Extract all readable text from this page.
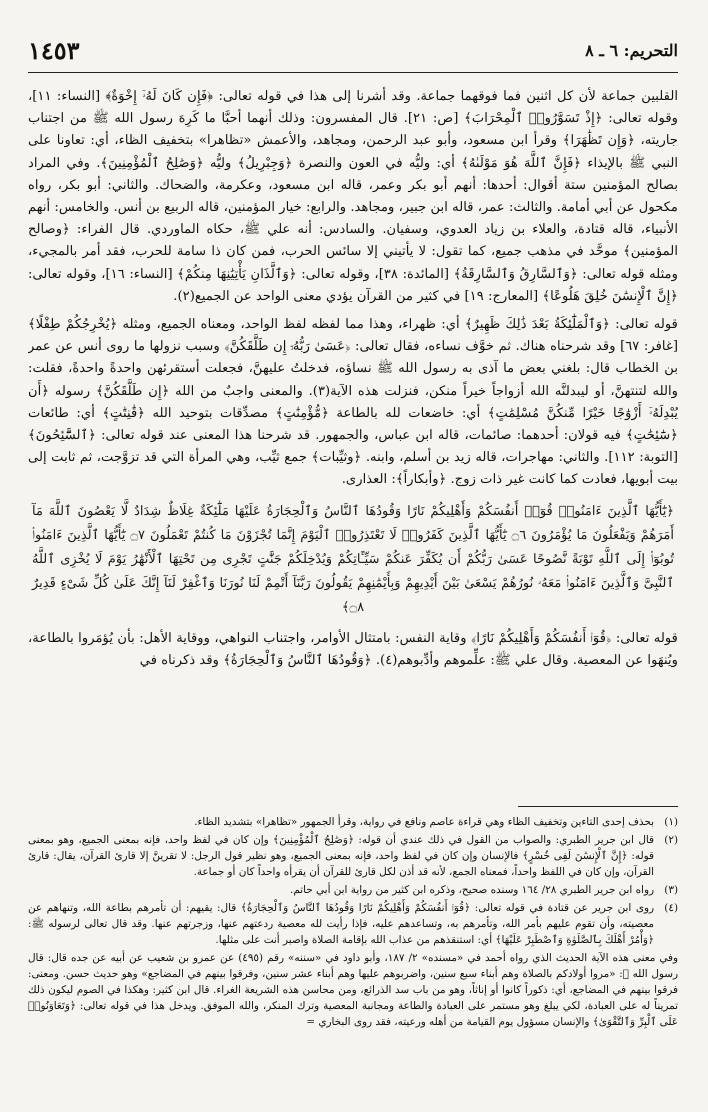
التحريم: ٦ ـ ٨
١٤٥٣

القلبين جماعة لأن كل اثنين فما فوقهما جماعة. وقد أشرنا إلى هذا في قوله تعالى: ﴿فَإِن كَانَ لَهُۥٓ إِخْوَةٌ﴾ [النساء: ١١]، وقوله تعالى: ﴿إِذْ تَسَوَّرُوا۟ ٱلْمِحْرَابَ﴾ [ص: ٢١]. قال المفسرون: وذلك أنهما أحبَّا ما كَرِهَ رسول الله ﷺ من اجتناب جاريته، ﴿وَإِن تَظَٰهَرَا﴾ وقرأ ابن مسعود، وأبو عبد الرحمن، ومجاهد، والأعمش «تظاهرا» بتخفيف الظاء، أي: تعاونا على النبي ﷺ بالإيذاء ﴿فَإِنَّ ٱللَّهَ هُوَ مَوْلَىٰهُ﴾ أي: وليُّه في العون والنصرة ﴿وَجِبْرِيلُ﴾ وليُّه ﴿وَصَٰلِحُ ٱلْمُؤْمِنِينَ﴾. وفي المراد بصالح المؤمنين ستة أقوال: أحدها: أنهم أبو بكر وعمر، قاله ابن مسعود، وعكرمة، والضحاك. والثاني: أبو بكر، رواه مكحول عن أبي أمامة. والثالث: عمر، قاله ابن جبير، ومجاهد. والرابع: خيار المؤمنين، قاله الربيع بن أنس. والخامس: أنهم الأنبياء، قاله قتادة، والعلاء بن زياد العدوي، وسفيان. والسادس: أنه علي ﷺ، حكاه الماوردي. قال الفراء: ﴿وصالح المؤمنين﴾ موحَّد في مذهب جميع، كما تقول: لا يأتيني إلا سائس الحرب، فمن كان ذا سامة للحرب، فقد أمر بالمجيء، ومثله قوله تعالى: ﴿وَٱلسَّارِقُ وَٱلسَّارِقَةُ﴾ [المائدة: ٣٨]، وقوله تعالى: ﴿وَٱلَّذَانِ يَأْتِيَٰنِهَا مِنكُمْ﴾ [النساء: ١٦]، وقوله تعالى: ﴿إِنَّ ٱلْإِنسَٰنَ خُلِقَ هَلُوعًا﴾ [المعارج: ١٩] في كثير من القرآن يؤدي معنى الواحد عن الجميع(٢).

قوله تعالى: ﴿وَٱلْمَلَٰٓئِكَةُ بَعْدَ ذَٰلِكَ ظَهِيرٌ﴾ أي: ظهراء، وهذا مما لفظه لفظ الواحد، ومعناه الجميع، ومثله ﴿يُخْرِجُكُمْ طِفْلًا﴾ [غافر: ٦٧] وقد شرحناه هناك. ثم خوَّف نساءه، فقال تعالى: ﴿عَسَىٰ رَبُّهُۥٓ إِن طَلَّقَكُنَّ﴾ وسبب نزولها ما روى أنس عن عمر بن الخطاب قال: بلغني بعض ما آذى به رسول الله ﷺ نساؤه، فدخلتُ عليهنَّ، فجعلت أستقرئهن واحدةً واحدةً، فقلت: والله لتنتهنَّ، أو ليبدلنَّه الله أزواجاً خيراً منكن، فنزلت هذه الآية(٣). والمعنى واجبٌ من الله ﴿إِن طَلَّقَكُنَّ﴾ رسوله ﴿أَن يُبْدِلَهُۥٓ أَزْوَٰجًا خَيْرًا مِّنكُنَّ مُسْلِمَٰتٍ﴾ أي: خاضعات لله بالطاعة ﴿مُّؤْمِنَٰتٍ﴾ مصدِّقات بتوحيد الله ﴿قَٰنِتَٰتٍ﴾ أي: طائعات ﴿سَٰٓئِحَٰتٍ﴾ فيه قولان: أحدهما: صائمات، قاله ابن عباس، والجمهور. قد شرحنا هذا المعنى عند قوله تعالى: ﴿ٱلسَّٰٓئِحُونَ﴾ [التوبة: ١١٢]. والثاني: مهاجرات، قاله زيد بن أسلم، وابنه. ﴿وثيِّبات﴾ جمع ثيِّب، وهي المرأة التي قد تزوَّجت، ثم ثابت إلى بيت أبويها، فعادت كما كانت غير ذات زوج. ﴿وأبكاراً﴾: العذارى.

﴿يَٰٓأَيُّهَا ٱلَّذِينَ ءَامَنُوا۟ قُوٓا۟ أَنفُسَكُمْ وَأَهْلِيكُمْ نَارًا وَقُودُهَا ٱلنَّاسُ وَٱلْحِجَارَةُ عَلَيْهَا مَلَٰٓئِكَةٌ غِلَاظٌ شِدَادٌ لَّا يَعْصُونَ ٱللَّهَ مَآ أَمَرَهُمْ وَيَفْعَلُونَ مَا يُؤْمَرُونَ ۝٦ يَٰٓأَيُّهَا ٱلَّذِينَ كَفَرُوا۟ لَا تَعْتَذِرُوا۟ ٱلْيَوْمَ إِنَّمَا تُجْزَوْنَ مَا كُنتُمْ تَعْمَلُونَ ۝٧ يَٰٓأَيُّهَا ٱلَّذِينَ ءَامَنُوا۟ تُوبُوٓا۟ إِلَى ٱللَّهِ تَوْبَةً نَّصُوحًا عَسَىٰ رَبُّكُمْ أَن يُكَفِّرَ عَنكُمْ سَيِّـَٔاتِكُمْ وَيُدْخِلَكُمْ جَنَّٰتٍ تَجْرِى مِن تَحْتِهَا ٱلْأَنْهَٰرُ يَوْمَ لَا يُخْزِى ٱللَّهُ ٱلنَّبِىَّ وَٱلَّذِينَ ءَامَنُوا۟ مَعَهُۥ نُورُهُمْ يَسْعَىٰ بَيْنَ أَيْدِيهِمْ وَبِأَيْمَٰنِهِمْ يَقُولُونَ رَبَّنَآ أَتْمِمْ لَنَا نُورَنَا وَٱغْفِرْ لَنَآ إِنَّكَ عَلَىٰ كُلِّ شَىْءٍ قَدِيرٌ ۝٨﴾

قوله تعالى: ﴿قُوٓا۟ أَنفُسَكُمْ وَأَهْلِيكُمْ نَارًا﴾ وقاية النفس: بامتثال الأوامر، واجتناب النواهي، ووقاية الأهل: بأن يُؤمَروا بالطاعة، ويُنهَوا عن المعصية. وقال علي ﷺ: علِّموهم وأدِّبوهم(٤). ﴿وَقُودُهَا ٱلنَّاسُ وَٱلْحِجَارَةُ﴾ وقد ذكرناه في

(١)
بحذف إحدى التاءين وتخفيف الظاء وهي قراءة عاصم ونافع في رواية، وقرأ الجمهور «تظاهرا» بتشديد الظاء.
(٢)
قال ابن جرير الطبري: والصواب من القول في ذلك عندي أن قوله: ﴿وَصَٰلِحُ ٱلْمُؤْمِنِينَ﴾ وإن كان في لفظ واحد، فإنه بمعنى الجميع، وهو بمعنى قوله: ﴿إِنَّ ٱلْإِنسَٰنَ لَفِى خُسْرٍ﴾ فالإنسان وإن كان في لفظ واحد، فإنه بمعنى الجميع، وهو نظير قول الرجل: لا تقرينَّ إلا قارئ القرآن، يقال: قارئ القرآن، وإن كان في اللفظ واحداً، فمعناه الجمع، لأنه قد أذن لكل قارئ للقرآن أن يقرأه واحداً كان أو جماعة.
(٣)
رواه ابن جرير الطبري ٢٨/ ١٦٤ وسنده صحيح، وذكره ابن كثير من رواية ابن أبي حاتم.
(٤)
روى ابن جرير عن قتادة في قوله تعالى: ﴿قُوٓا۟ أَنفُسَكُمْ وَأَهْلِيكُمْ نَارًا وَقُودُهَا ٱلنَّاسُ وَٱلْحِجَارَةُ﴾ قال: يقيهم: أن تأمرهم بطاعة الله، وتنهاهم عن معصيته، وأن تقوم عليهم بأمر الله، وتأمرهم به، وتساعدهم عليه، فإذا رأيت لله معصية ردعتهم عنها، وزجرتهم عنها. وقد قال تعالى لرسوله ﷺ: ﴿وَأْمُرْ أَهْلَكَ بِٱلصَّلَوٰةِ وَٱصْطَبِرْ عَلَيْهَا﴾ أي: استنقذهم من عذاب الله بإقامة الصلاة واصبر أنت على مثلها.

وفي معنى هذه الآية الحديث الذي رواه أحمد في «مسنده» ٢/ ١٨٧، وأبو داود في «سننه» رقم (٤٩٥) عن عمرو بن شعيب عن أبيه عن جده قال: قال رسول الله ﷺ: «مروا أولادكم بالصلاة وهم أبناء سبع سنين، واضربوهم عليها وهم أبناء عشر سنين، وفرقوا بينهم في المضاجع» وهو حديث حسن. ومعنى: فرقوا بينهم في المضاجع، أي: ذكوراً كانوا أو إناثاً، وهو من باب سد الذرائع، ومن محاسن هذه الشريعة الغراء. قال ابن كثير: وهكذا في الصوم ليكون ذلك تمريناً له على العبادة، لكي يبلغ وهو مستمر على العبادة والطاعة ومجانبة المعصية وترك المنكر، والله الموفق. ويدخل هذا في قوله تعالى: ﴿وَتَعَاوَنُوا۟ عَلَى ٱلْبِرِّ وَٱلتَّقْوَىٰ﴾ والإنسان مسؤول يوم القيامة من أهله ورعيته، فقد روى البخاري =
